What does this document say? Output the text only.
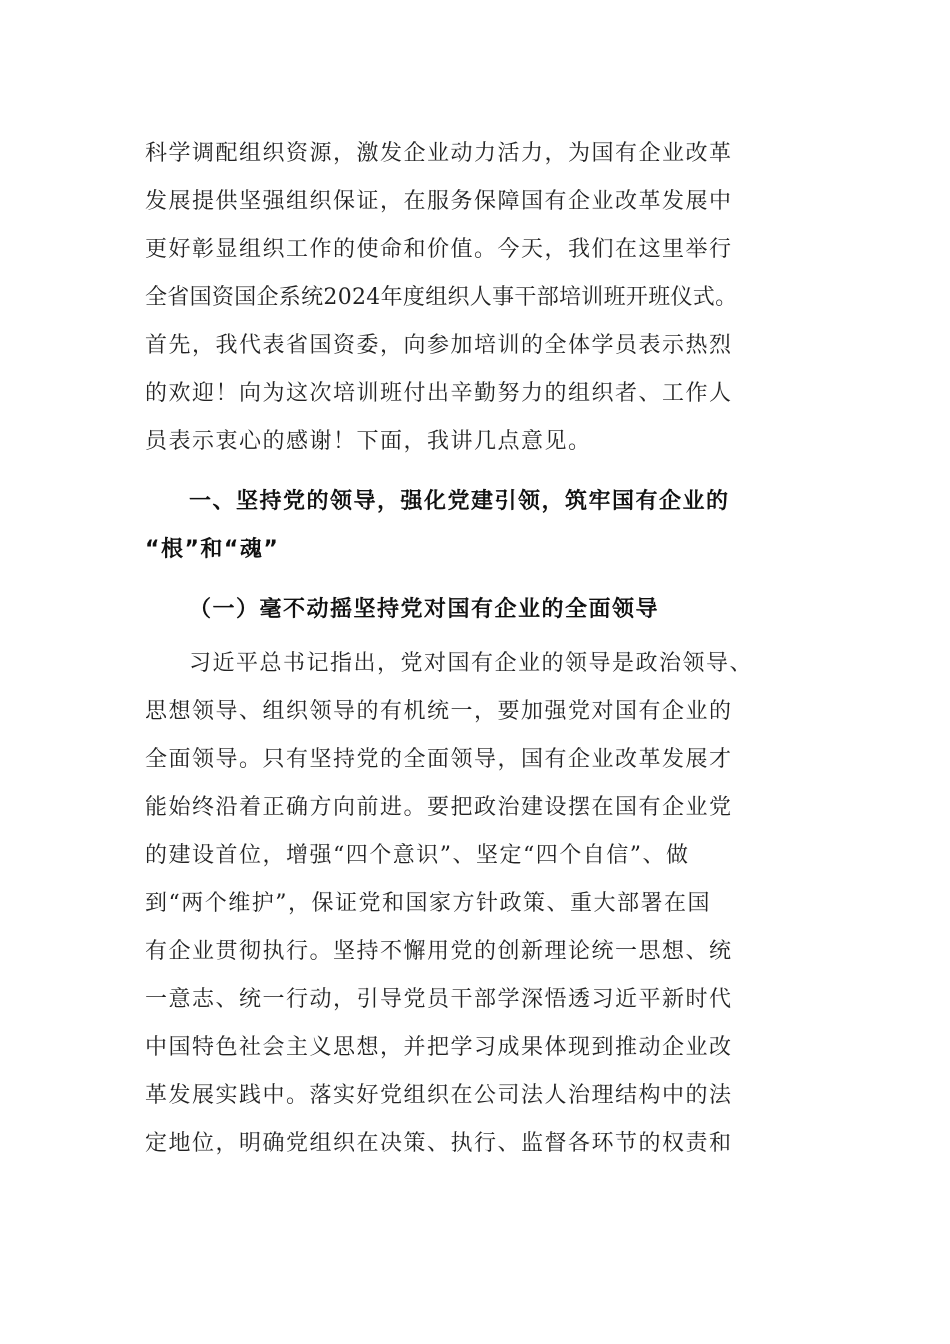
科学调配组织资源，激发企业动力活力，为国有企业改革

发展提供坚强组织保证，在服务保障国有企业改革发展中

更好彰显组织工作的使命和价值。今天，我们在这里举行

全省国资国企系统2024年度组织人事干部培训班开班仪式。

首先，我代表省国资委，向参加培训的全体学员表示热烈

的欢迎！向为这次培训班付出辛勤努力的组织者、工作人

员表示衷心的感谢！下面，我讲几点意见。

一、坚持党的领导，强化党建引领，筑牢国有企业的

“根”和“魂”

（一）毫不动摇坚持党对国有企业的全面领导

习近平总书记指出，党对国有企业的领导是政治领导、

思想领导、组织领导的有机统一，要加强党对国有企业的

全面领导。只有坚持党的全面领导，国有企业改革发展才

能始终沿着正确方向前进。要把政治建设摆在国有企业党

的建设首位，增强“四个意识”、坚定“四个自信”、做

到“两个维护”，保证党和国家方针政策、重大部署在国

有企业贯彻执行。坚持不懈用党的创新理论统一思想、统

一意志、统一行动，引导党员干部学深悟透习近平新时代

中国特色社会主义思想，并把学习成果体现到推动企业改

革发展实践中。落实好党组织在公司法人治理结构中的法

定地位，明确党组织在决策、执行、监督各环节的权责和
